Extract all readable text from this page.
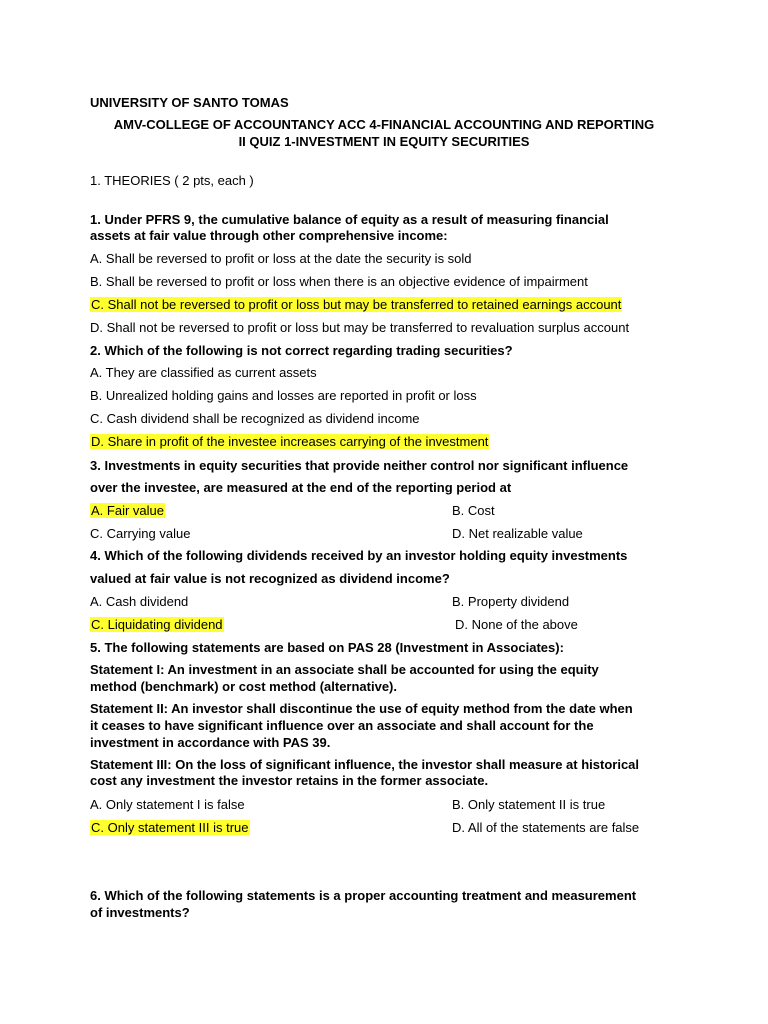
UNIVERSITY OF SANTO TOMAS
AMV-COLLEGE OF ACCOUNTANCY ACC 4-FINANCIAL ACCOUNTING AND REPORTING
II QUIZ 1-INVESTMENT IN EQUITY SECURITIES
1. THEORIES ( 2 pts, each )
1. Under PFRS 9, the cumulative balance of equity as a result of measuring financial
assets at fair value through other comprehensive income:
A. Shall be reversed to profit or loss at the date the security is sold
B. Shall be reversed to profit or loss when there is an objective evidence of impairment
C. Shall not be reversed to profit or loss but may be transferred to retained earnings account
D. Shall not be reversed to profit or loss but may be transferred to revaluation surplus account
2. Which of the following is not correct regarding trading securities?
A. They are classified as current assets
B. Unrealized holding gains and losses are reported in profit or loss
C. Cash dividend shall be recognized as dividend income
D. Share in profit of the investee increases carrying of the investment
3. Investments in equity securities that provide neither control nor significant influence
over the investee, are measured at the end of the reporting period at
A. Fair value	B. Cost
C. Carrying value	D. Net realizable value
4. Which of the following dividends received by an investor holding equity investments
valued at fair value is not recognized as dividend income?
A. Cash dividend	B. Property dividend
C. Liquidating dividend	D. None of the above
5. The following statements are based on PAS 28 (Investment in Associates):
Statement I: An investment in an associate shall be accounted for using the equity
method (benchmark) or cost method (alternative).
Statement II: An investor shall discontinue the use of equity method from the date when
it ceases to have significant influence over an associate and shall account for the
investment in accordance with PAS 39.
Statement III: On the loss of significant influence, the investor shall measure at historical
cost any investment the investor retains in the former associate.
A. Only statement I is false	B. Only statement II is true
C. Only statement III is true	D. All of the statements are false
6. Which of the following statements is a proper accounting treatment and measurement
of investments?
